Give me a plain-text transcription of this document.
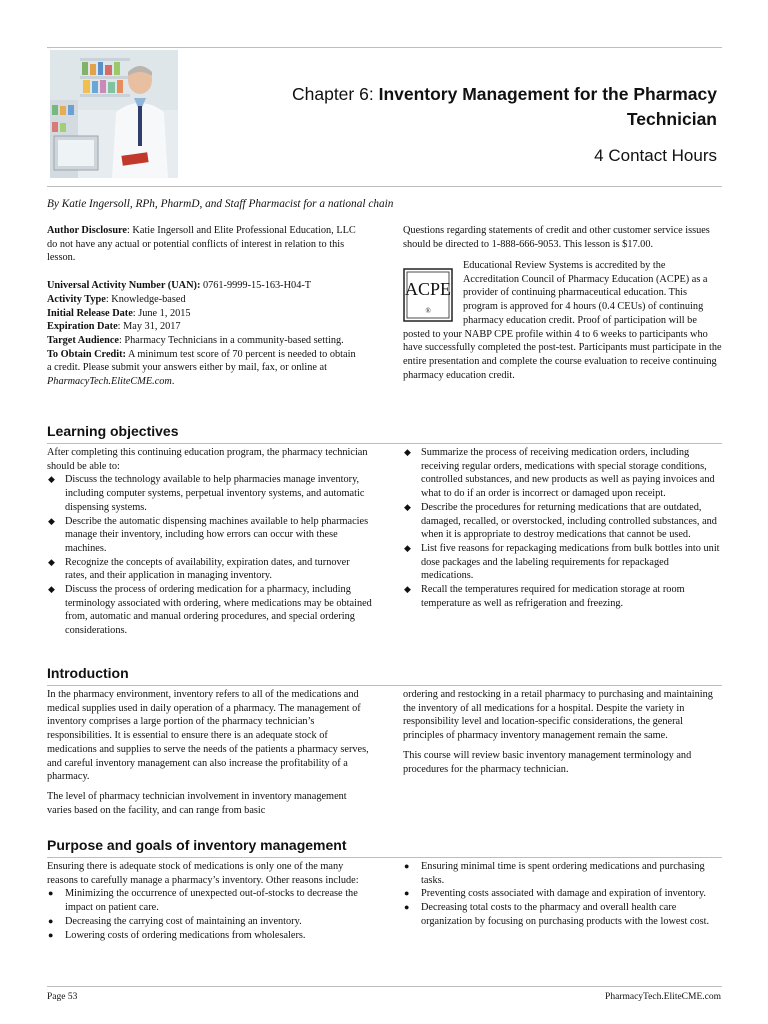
Chapter 6: Inventory Management for the Pharmacy
Technician
4 Contact Hours
By Katie Ingersoll, RPh, PharmD, and Staff Pharmacist for a national chain

Author Disclosure: Katie Ingersoll and Elite Professional Education, LLC do not have any actual or potential conflicts of interest in relation to this lesson.

Universal Activity Number (UAN): 0761-9999-15-163-H04-T
Activity Type: Knowledge-based
Initial Release Date: June 1, 2015
Expiration Date: May 31, 2017
Target Audience: Pharmacy Technicians in a community-based setting.
To Obtain Credit: A minimum test score of 70 percent is needed to obtain a credit. Please submit your answers either by mail, fax, or online at PharmacyTech.EliteCME.com.
Questions regarding statements of credit and other customer service issues should be directed to 1-888-666-9053. This lesson is $17.00.
ACPE
®
Educational Review Systems is accredited by the Accreditation Council of Pharmacy Education (ACPE) as a provider of continuing pharmaceutical education. This program is approved for 4 hours (0.4 CEUs) of continuing pharmacy education credit. Proof of participation will be posted to your NABP CPE profile within 4 to 6 weeks to participants who have successfully completed the post-test. Participants must participate in the entire presentation and complete the course evaluation to receive continuing pharmacy education credit.
Learning objectives
After completing this continuing education program, the pharmacy technician should be able to:
◆ Discuss the technology available to help pharmacies manage inventory, including computer systems, perpetual inventory systems, and automatic dispensing systems.
◆ Describe the automatic dispensing machines available to help pharmacies manage their inventory, including how errors can occur with these machines.
◆ Recognize the concepts of availability, expiration dates, and turnover rates, and their application in managing inventory.
◆ Discuss the process of ordering medication for a pharmacy, including terminology associated with ordering, where medications may be obtained from, automatic and manual ordering procedures, and special ordering considerations.
◆ Summarize the process of receiving medication orders, including receiving regular orders, medications with special storage conditions, controlled substances, and new products as well as paying invoices and what to do if an order is incorrect or damaged upon receipt.
◆ Describe the procedures for returning medications that are outdated, damaged, recalled, or overstocked, including controlled substances, and when it is appropriate to destroy medications that cannot be used.
◆ List five reasons for repackaging medications from bulk bottles into unit dose packages and the labeling requirements for repackaged medications.
◆ Recall the temperatures required for medication storage at room temperature as well as refrigeration and freezing.
Introduction

In the pharmacy environment, inventory refers to all of the medications and medical supplies used in daily operation of a pharmacy. The management of inventory comprises a large portion of the pharmacy technician’s responsibilities. It is essential to ensure there is an adequate stock of medications and supplies to serve the needs of the patients a pharmacy serves, and careful inventory management can also increase the profitability of a pharmacy.

The level of pharmacy technician involvement in inventory management varies based on the facility, and can range from basic

ordering and restocking in a retail pharmacy to purchasing and maintaining the inventory of all medications for a hospital. Despite the variety in responsibility level and location-specific considerations, the general principles of pharmacy inventory management remain the same.

This course will review basic inventory management terminology and procedures for the pharmacy technician.

Purpose and goals of inventory management
Ensuring there is adequate stock of medications is only one of the many reasons to carefully manage a pharmacy’s inventory. Other reasons include:
● Minimizing the occurrence of unexpected out-of-stocks to decrease the impact on patient care.
● Decreasing the carrying cost of maintaining an inventory.
● Lowering costs of ordering medications from wholesalers.
● Ensuring minimal time is spent ordering medications and purchasing tasks.
● Preventing costs associated with damage and expiration of inventory.
● Decreasing total costs to the pharmacy and overall health care organization by focusing on purchasing products with the lowest cost.
Page 53	PharmacyTech.EliteCME.com
